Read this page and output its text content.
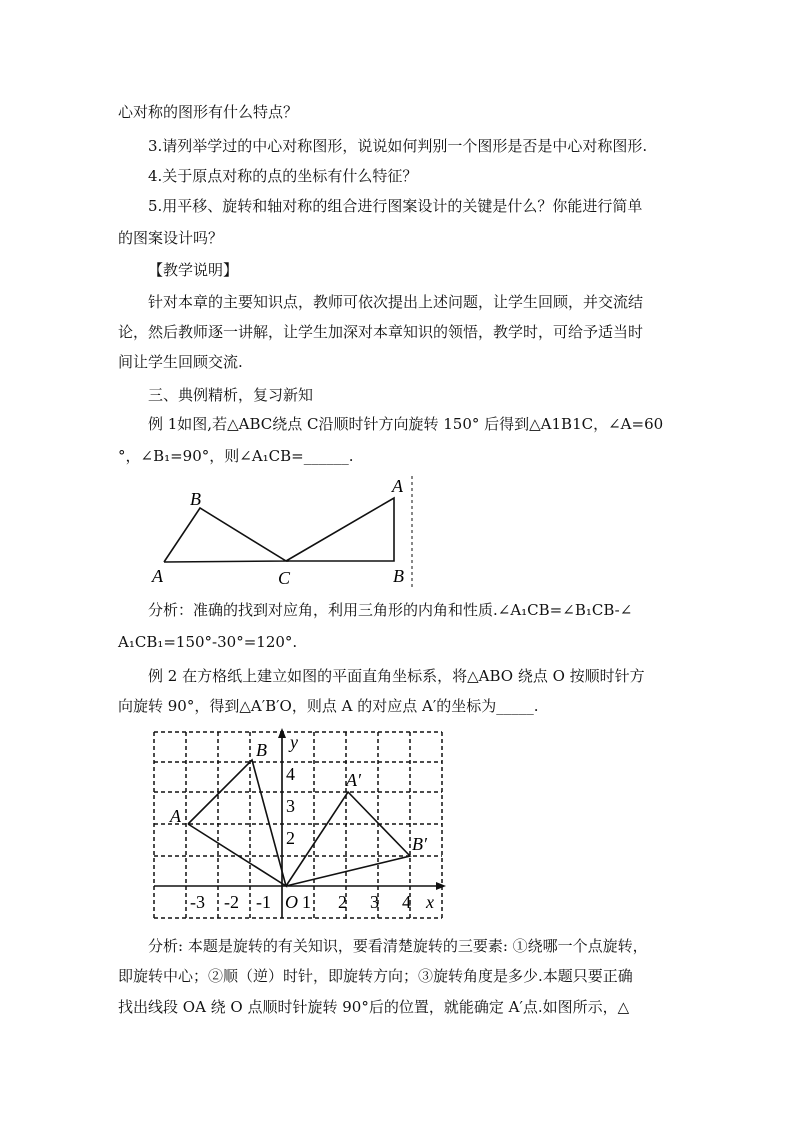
心对称的图形有什么特点？
3.请列举学过的中心对称图形，说说如何判别一个图形是否是中心对称图形.
4.关于原点对称的点的坐标有什么特征？
5.用平移、旋转和轴对称的组合进行图案设计的关键是什么？你能进行简单
的图案设计吗？
【教学说明】
针对本章的主要知识点，教师可依次提出上述问题，让学生回顾，并交流结
论，然后教师逐一讲解，让学生加深对本章知识的领悟，教学时，可给予适当时
间让学生回顾交流.
三、典例精析，复习新知
例 1如图,若△ABC绕点 C沿顺时针方向旋转 150° 后得到△A1B1C，∠A=60
°，∠B₁=90°，则∠A₁CB=______.
B
A	C
A
B
分析：准确的找到对应角，利用三角形的内角和性质.∠A₁CB=∠B₁CB-∠
A₁CB₁=150°-30°=120°.
例 2 在方格纸上建立如图的平面直角坐标系，将△ABO 绕点 O 按顺时针方
向旋转 90°，得到△A′B′O，则点 A 的对应点 A′的坐标为_____.
y
x
O
-3 -2 -1 1 2 3 4
2
3
4
A
B
A′
B′
分析: 本题是旋转的有关知识，要看清楚旋转的三要素: ①绕哪一个点旋转，
即旋转中心；②顺（逆）时针，即旋转方向；③旋转角度是多少.本题只要正确
找出线段 OA 绕 O 点顺时针旋转 90°后的位置，就能确定 A′点.如图所示，△
